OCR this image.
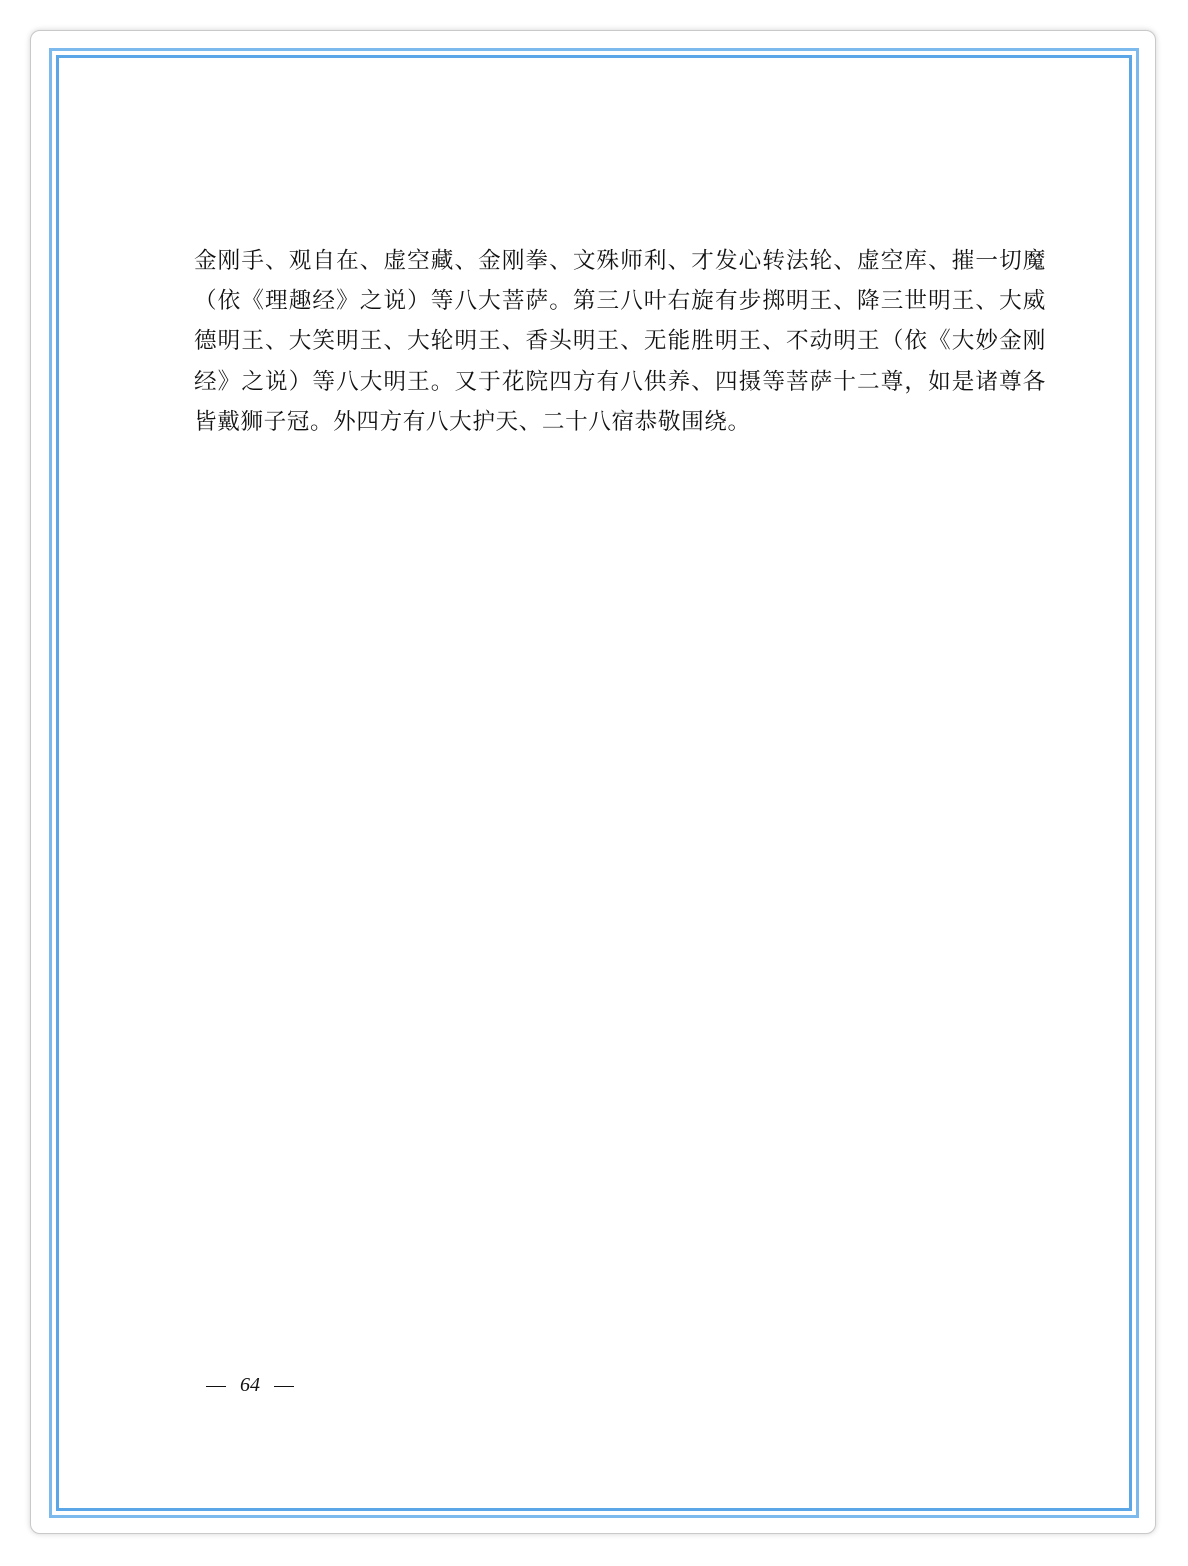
金刚手、观自在、虚空藏、金刚拳、文殊师利、才发心转法轮、虚空库、摧一切魔（依《理趣经》之说）等八大菩萨。第三八叶右旋有步掷明王、降三世明王、大威德明王、大笑明王、大轮明王、香头明王、无能胜明王、不动明王（依《大妙金刚经》之说）等八大明王。又于花院四方有八供养、四摄等菩萨十二尊，如是诸尊各皆戴狮子冠。外四方有八大护天、二十八宿恭敬围绕。

64
